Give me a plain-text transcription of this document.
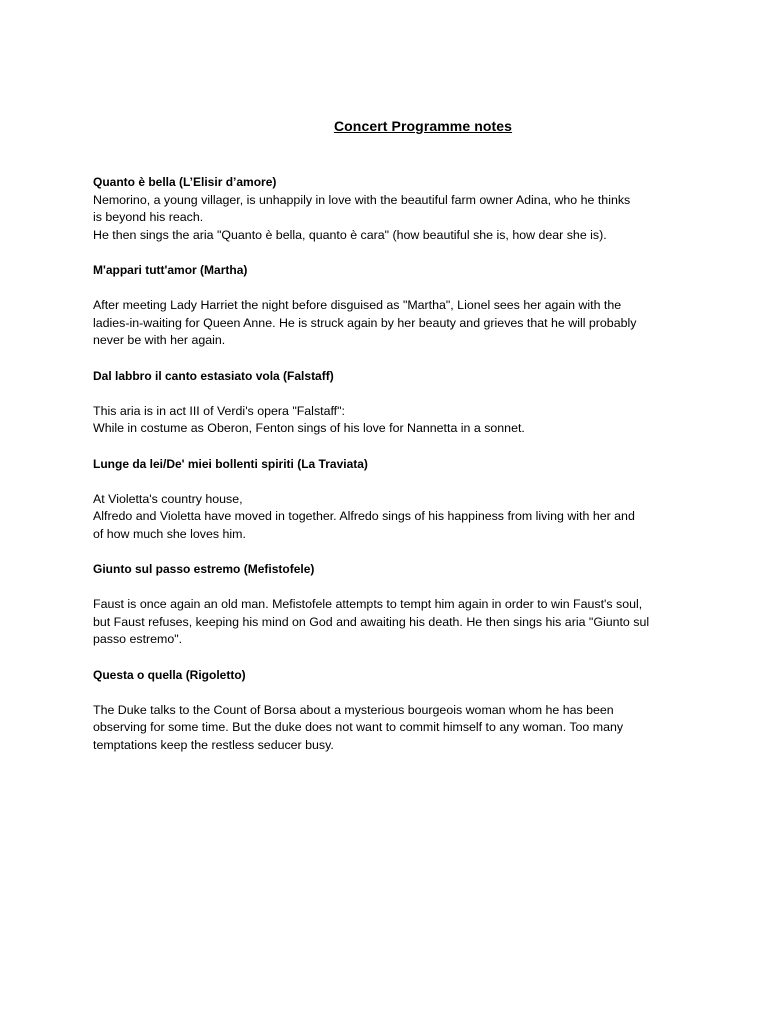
Concert Programme notes

Quanto è bella (L’Elisir d’amore)

Nemorino, a young villager, is unhappily in love with the beautiful farm owner Adina, who he thinks

is beyond his reach.

He then sings the aria "Quanto è bella, quanto è cara" (how beautiful she is, how dear she is).

M'appari tutt'amor (Martha)

After meeting Lady Harriet the night before disguised as "Martha", Lionel sees her again with the

ladies-in-waiting for Queen Anne. He is struck again by her beauty and grieves that he will probably

never be with her again.

Dal labbro il canto estasiato vola (Falstaff)

This aria is in act III of Verdi's opera "Falstaff":

While in costume as Oberon, Fenton sings of his love for Nannetta in a sonnet.

Lunge da lei/De' miei bollenti spiriti (La Traviata)

At Violetta's country house,

Alfredo and Violetta have moved in together. Alfredo sings of his happiness from living with her and

of how much she loves him.

Giunto sul passo estremo (Mefistofele)

Faust is once again an old man. Mefistofele attempts to tempt him again in order to win Faust's soul,

but Faust refuses, keeping his mind on God and awaiting his death. He then sings his aria "Giunto sul

passo estremo".

Questa o quella (Rigoletto)

The Duke talks to the Count of Borsa about a mysterious bourgeois woman whom he has been

observing for some time. But the duke does not want to commit himself to any woman. Too many

temptations keep the restless seducer busy.
